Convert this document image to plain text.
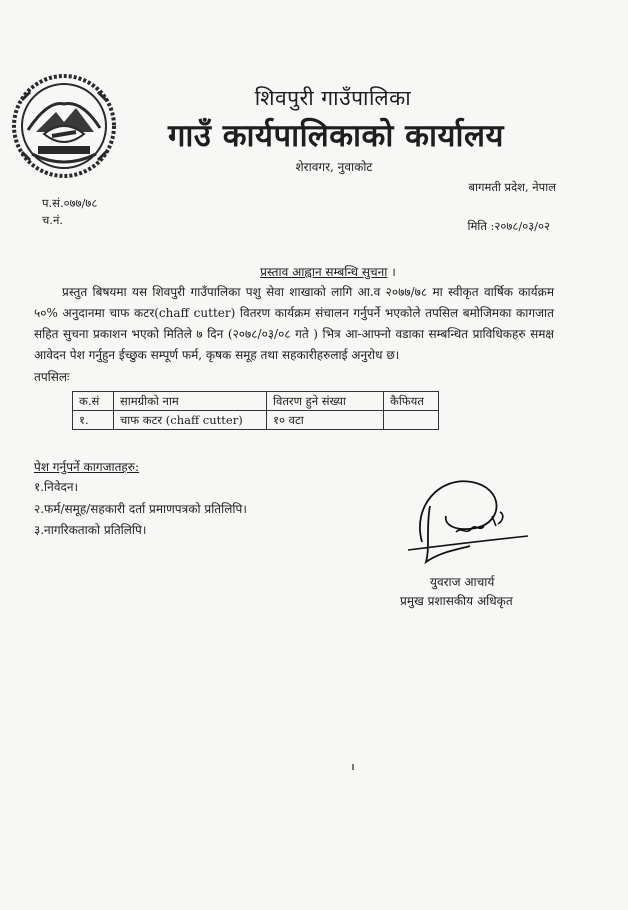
शिवपुरी गाउँपालिका
गाउँ कार्यपालिकाको कार्यालय
शेरावगर, नुवाकोट
बागमती प्रदेश, नेपाल
प.सं.०७७/७८
च.नं.	मिति :२०७८/०३/०२
प्रस्ताव आह्वान सम्बन्धि सुचना ।

प्रस्तुत बिषयमा यस शिवपुरी गाउँपालिका पशु सेवा शाखाको लागि आ.व २०७७/७८ मा स्वीकृत वार्षिक कार्यक्रम ५०% अनुदानमा चाफ कटर(chaff cutter) वितरण कार्यक्रम संचालन गर्नुपर्ने भएकोले तपसिल बमोजिमका कागजात सहित सुचना प्रकाशन भएको मितिले ७ दिन (२०७८/०३/०८ गते ) भित्र आ-आफ्नो वडाका सम्बन्धित प्राविधिकहरु समक्ष आवेदन पेश गर्नुहुन ईच्छुक सम्पूर्ण फर्म, कृषक समूह तथा सहकारीहरुलाई अनुरोध छ।

तपसिलः
क.सं	सामग्रीको नाम	वितरण हुने संख्या	कैफियत
१.	चाफ कटर (chaff cutter)	१० वटा	
पेश गर्नुपर्ने कागजातहरु:
१.निवेदन।
२.फर्म/समूह/सहकारी दर्ता प्रमाणपत्रको प्रतिलिपि।
३.नागरिकताको प्रतिलिपि।
युवराज आचार्य
प्रमुख प्रशासकीय अधिकृत
